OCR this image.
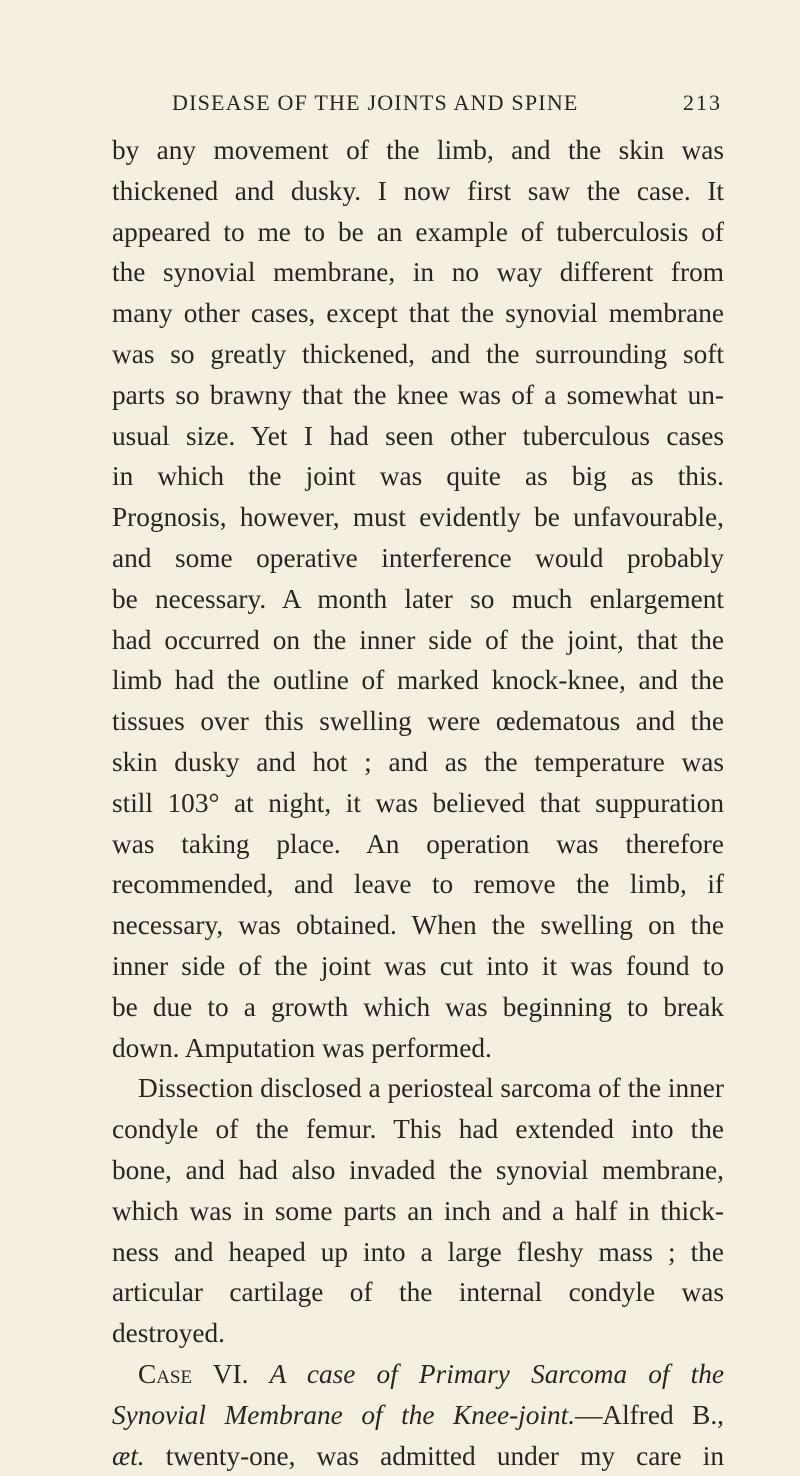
DISEASE OF THE JOINTS AND SPINE	213
by any movement of the limb, and the skin was
thickened and dusky. I now first saw the case. It
appeared to me to be an example of tuberculosis of
the synovial membrane, in no way different from
many other cases, except that the synovial membrane
was so greatly thickened, and the surrounding soft
parts so brawny that the knee was of a somewhat un-
usual size. Yet I had seen other tuberculous cases
in which the joint was quite as big as this.
Prognosis, however, must evidently be unfavourable,
and some operative interference would probably
be necessary. A month later so much enlargement
had occurred on the inner side of the joint, that the
limb had the outline of marked knock-knee, and the
tissues over this swelling were œdematous and the
skin dusky and hot ; and as the temperature was
still 103° at night, it was believed that suppuration
was taking place. An operation was therefore
recommended, and leave to remove the limb, if
necessary, was obtained. When the swelling on the
inner side of the joint was cut into it was found to
be due to a growth which was beginning to break
down. Amputation was performed.
Dissection disclosed a periosteal sarcoma of the inner
condyle of the femur. This had extended into the
bone, and had also invaded the synovial membrane,
which was in some parts an inch and a half in thick-
ness and heaped up into a large fleshy mass ; the
articular cartilage of the internal condyle was
destroyed.
Case VI. A case of Primary Sarcoma of the
Synovial Membrane of the Knee-joint.—Alfred B.,
æt. twenty-one, was admitted under my care in
